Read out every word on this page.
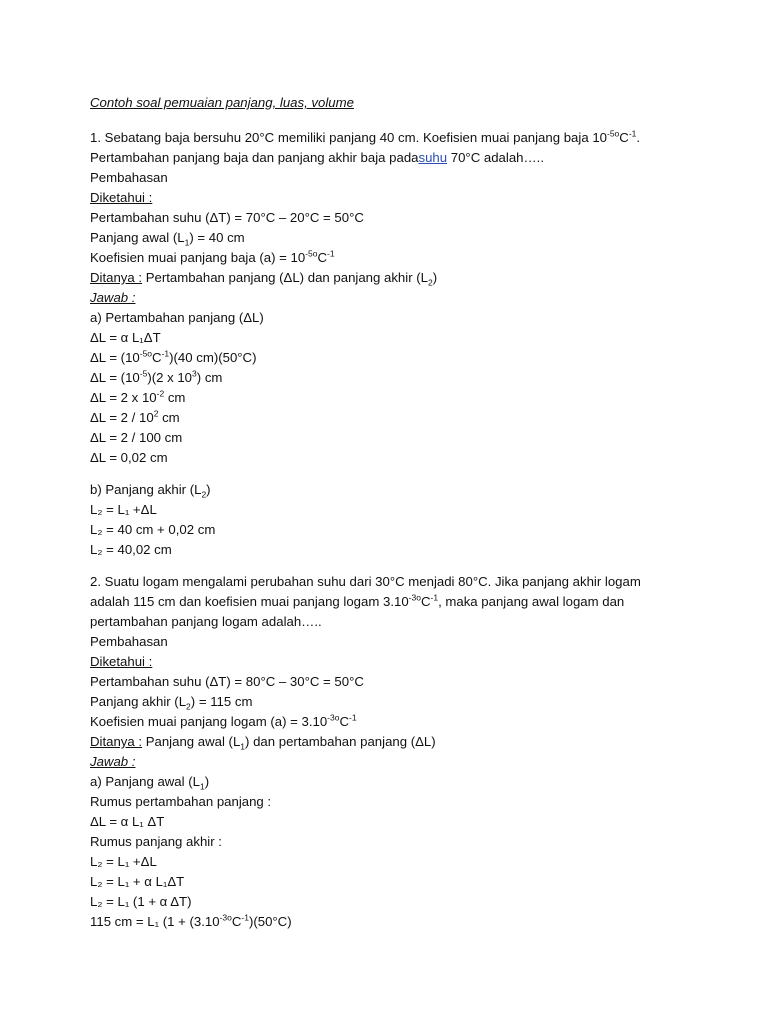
Contoh soal pemuaian panjang, luas, volume
1. Sebatang baja bersuhu 20°C memiliki panjang 40 cm. Koefisien muai panjang baja $10^{-5o}C^{-1}$.
Pertambahan panjang baja dan panjang akhir baja padasuhu 70°C adalah…..
Pembahasan
Diketahui :
Pertambahan suhu (ΔT) = 70°C – 20°C = 50°C
Panjang awal $(L_1) = 40$ cm
Koefisien muai panjang baja $(a) = 10^{-5o}C^{-1}$
Ditanya : Pertambahan panjang (ΔL) dan panjang akhir $(L_2)$
Jawab :
a) Pertambahan panjang (ΔL)
ΔL = α L₁ΔT
$\Delta L = (10^{-5o}C^{-1})(40$ cm)(50°C)
$\Delta L = (10^{-5})(2$ x $10^3$) cm
ΔL = 2 x $10^{-2}$ cm
$\Delta L = 2 / 10^2$ cm
ΔL = 2 / 100 cm
ΔL = 0,02 cm
b) Panjang akhir $(L_2)$
L₂ = L₁ +ΔL
L₂ = 40 cm + 0,02 cm
L₂ = 40,02 cm
2. Suatu logam mengalami perubahan suhu dari 30°C menjadi 80°C. Jika panjang akhir logam adalah 115 cm dan koefisien muai panjang logam $3.10^{-3o}C^{-1}$, maka panjang awal logam dan pertambahan panjang logam adalah…..
Pembahasan
Diketahui :
Pertambahan suhu (ΔT) = 80°C – 30°C = 50°C
Panjang akhir $(L_2) = 115$ cm
Koefisien muai panjang logam $(a) = 3.10^{-3o}C^{-1}$
Ditanya : Panjang awal $(L_1)$ dan pertambahan panjang (ΔL)
Jawab :
a) Panjang awal $(L_1)$
Rumus pertambahan panjang :
ΔL = α L₁ ΔT
Rumus panjang akhir :
L₂ = L₁ +ΔL
L₂ = L₁ + α L₁ΔT
L₂ = L₁ (1 + α ΔT)
115 cm = L₁ ($1 + (3.10^{-3o}C^{-1})(50^\circ C)$
